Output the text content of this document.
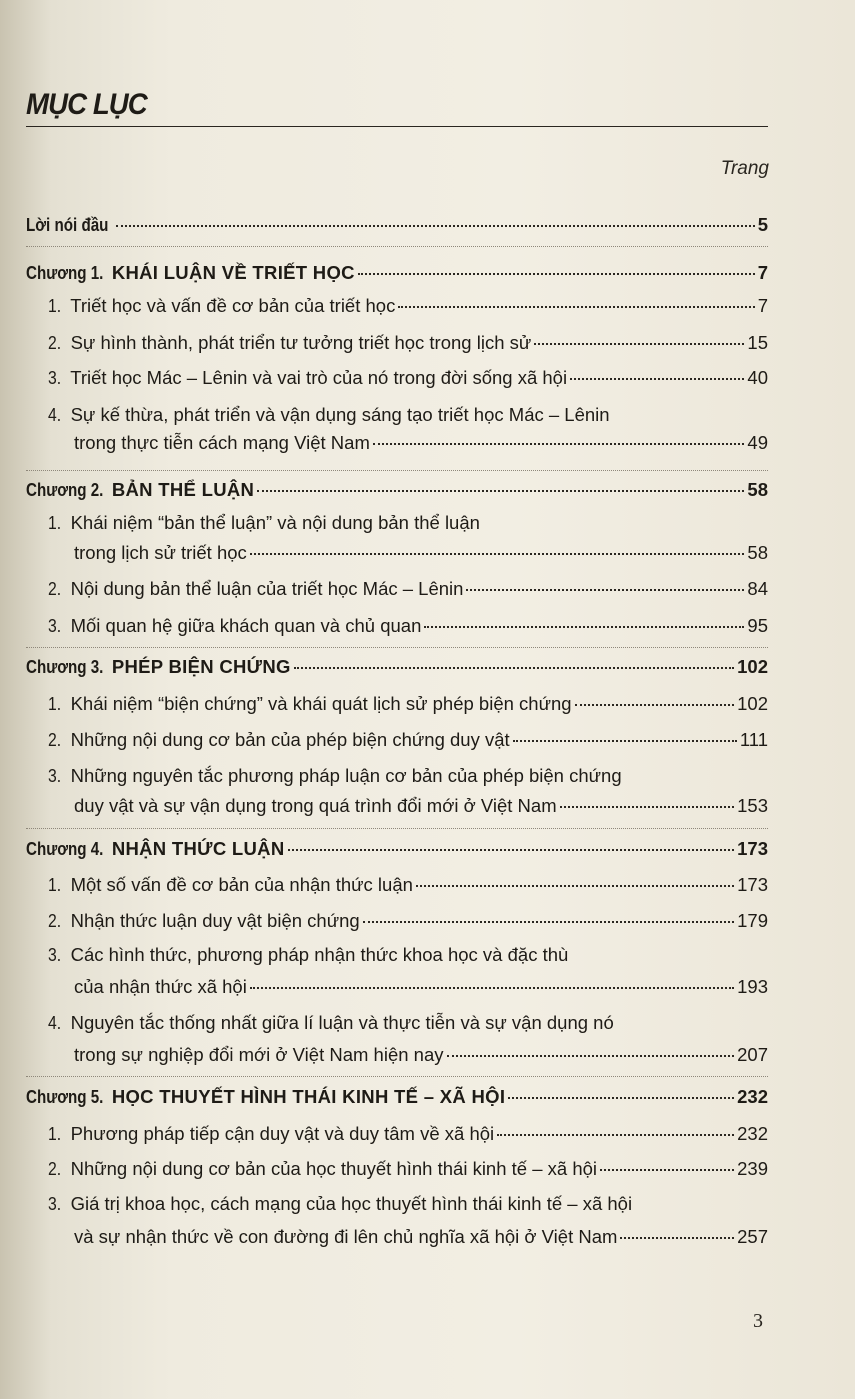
MỤC LỤC
Trang
Lời nói đầu	5
Chương 1. KHÁI LUẬN VỀ TRIẾT HỌC	7
1. Triết học và vấn đề cơ bản của triết học	7
2. Sự hình thành, phát triển tư tưởng triết học trong lịch sử	15
3. Triết học Mác – Lênin và vai trò của nó trong đời sống xã hội	40
4. Sự kế thừa, phát triển và vận dụng sáng tạo triết học Mác – Lênin
trong thực tiễn cách mạng Việt Nam	49
Chương 2. BẢN THỂ LUẬN	58
1. Khái niệm “bản thể luận” và nội dung bản thể luận
trong lịch sử triết học	58
2. Nội dung bản thể luận của triết học Mác – Lênin	84
3. Mối quan hệ giữa khách quan và chủ quan	95
Chương 3. PHÉP BIỆN CHỨNG	102
1. Khái niệm “biện chứng” và khái quát lịch sử phép biện chứng	102
2. Những nội dung cơ bản của phép biện chứng duy vật	111
3. Những nguyên tắc phương pháp luận cơ bản của phép biện chứng
duy vật và sự vận dụng trong quá trình đổi mới ở Việt Nam	153
Chương 4. NHẬN THỨC LUẬN	173
1. Một số vấn đề cơ bản của nhận thức luận	173
2. Nhận thức luận duy vật biện chứng	179
3. Các hình thức, phương pháp nhận thức khoa học và đặc thù
của nhận thức xã hội	193
4. Nguyên tắc thống nhất giữa lí luận và thực tiễn và sự vận dụng nó
trong sự nghiệp đổi mới ở Việt Nam hiện nay	207
Chương 5. HỌC THUYẾT HÌNH THÁI KINH TẾ – XÃ HỘI	232
1. Phương pháp tiếp cận duy vật và duy tâm về xã hội	232
2. Những nội dung cơ bản của học thuyết hình thái kinh tế – xã hội	239
3. Giá trị khoa học, cách mạng của học thuyết hình thái kinh tế – xã hội
và sự nhận thức về con đường đi lên chủ nghĩa xã hội ở Việt Nam	257
3
